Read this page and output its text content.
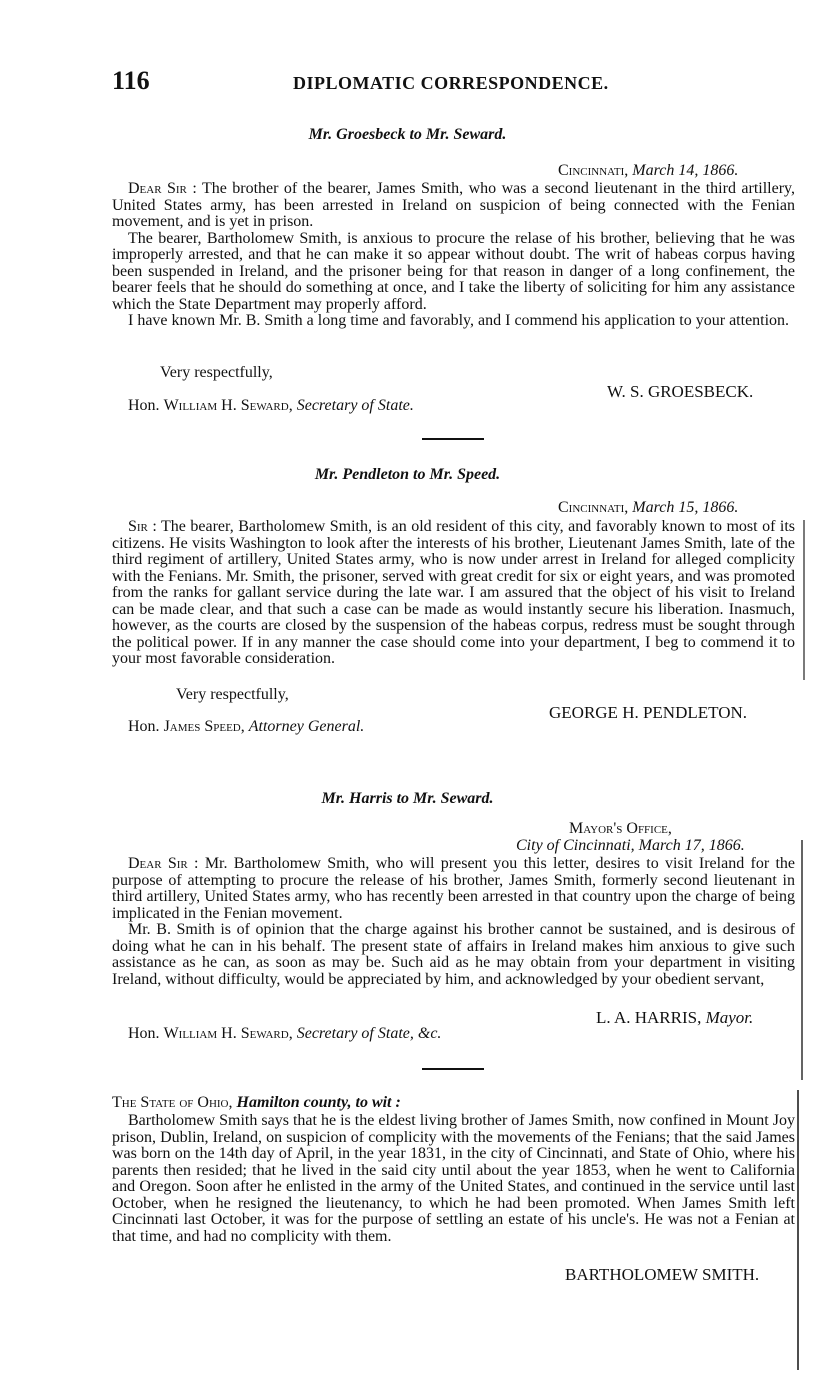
116	DIPLOMATIC CORRESPONDENCE.
Mr. Groesbeck to Mr. Seward.
Cincinnati, March 14, 1866.

Dear Sir : The brother of the bearer, James Smith, who was a second lieutenant in the third artillery, United States army, has been arrested in Ireland on suspicion of being connected with the Fenian movement, and is yet in prison.

The bearer, Bartholomew Smith, is anxious to procure the relase of his brother, believing that he was improperly arrested, and that he can make it so appear without doubt. The writ of habeas corpus having been suspended in Ireland, and the prisoner being for that reason in danger of a long confinement, the bearer feels that he should do something at once, and I take the liberty of soliciting for him any assistance which the State Department may properly afford.

I have known Mr. B. Smith a long time and favorably, and I commend his application to your attention.

Very respectfully,
W. S. GROESBECK.
Hon. William H. Seward, Secretary of State.
Mr. Pendleton to Mr. Speed.
Cincinnati, March 15, 1866.

Sir : The bearer, Bartholomew Smith, is an old resident of this city, and favorably known to most of its citizens. He visits Washington to look after the interests of his brother, Lieutenant James Smith, late of the third regiment of artillery, United States army, who is now under arrest in Ireland for alleged complicity with the Fenians. Mr. Smith, the prisoner, served with great credit for six or eight years, and was promoted from the ranks for gallant service during the late war. I am assured that the object of his visit to Ireland can be made clear, and that such a case can be made as would instantly secure his liberation. Inasmuch, however, as the courts are closed by the suspension of the habeas corpus, redress must be sought through the political power. If in any manner the case should come into your department, I beg to commend it to your most favorable consideration.

Very respectfully,
GEORGE H. PENDLETON.
Hon. James Speed, Attorney General.
Mr. Harris to Mr. Seward.
Mayor's Office,
City of Cincinnati, March 17, 1866.

Dear Sir : Mr. Bartholomew Smith, who will present you this letter, desires to visit Ireland for the purpose of attempting to procure the release of his brother, James Smith, formerly second lieutenant in third artillery, United States army, who has recently been arrested in that country upon the charge of being implicated in the Fenian movement.

Mr. B. Smith is of opinion that the charge against his brother cannot be sustained, and is desirous of doing what he can in his behalf. The present state of affairs in Ireland makes him anxious to give such assistance as he can, as soon as may be. Such aid as he may obtain from your department in visiting Ireland, without difficulty, would be appreciated by him, and acknowledged by your obedient servant,

L. A. HARRIS, Mayor.
Hon. William H. Seward, Secretary of State, &c.
The State of Ohio, Hamilton county, to wit :

Bartholomew Smith says that he is the eldest living brother of James Smith, now confined in Mount Joy prison, Dublin, Ireland, on suspicion of complicity with the movements of the Fenians; that the said James was born on the 14th day of April, in the year 1831, in the city of Cincinnati, and State of Ohio, where his parents then resided; that he lived in the said city until about the year 1853, when he went to California and Oregon. Soon after he enlisted in the army of the United States, and continued in the service until last October, when he resigned the lieutenancy, to which he had been promoted. When James Smith left Cincinnati last October, it was for the purpose of settling an estate of his uncle's. He was not a Fenian at that time, and had no complicity with them.

BARTHOLOMEW SMITH.
